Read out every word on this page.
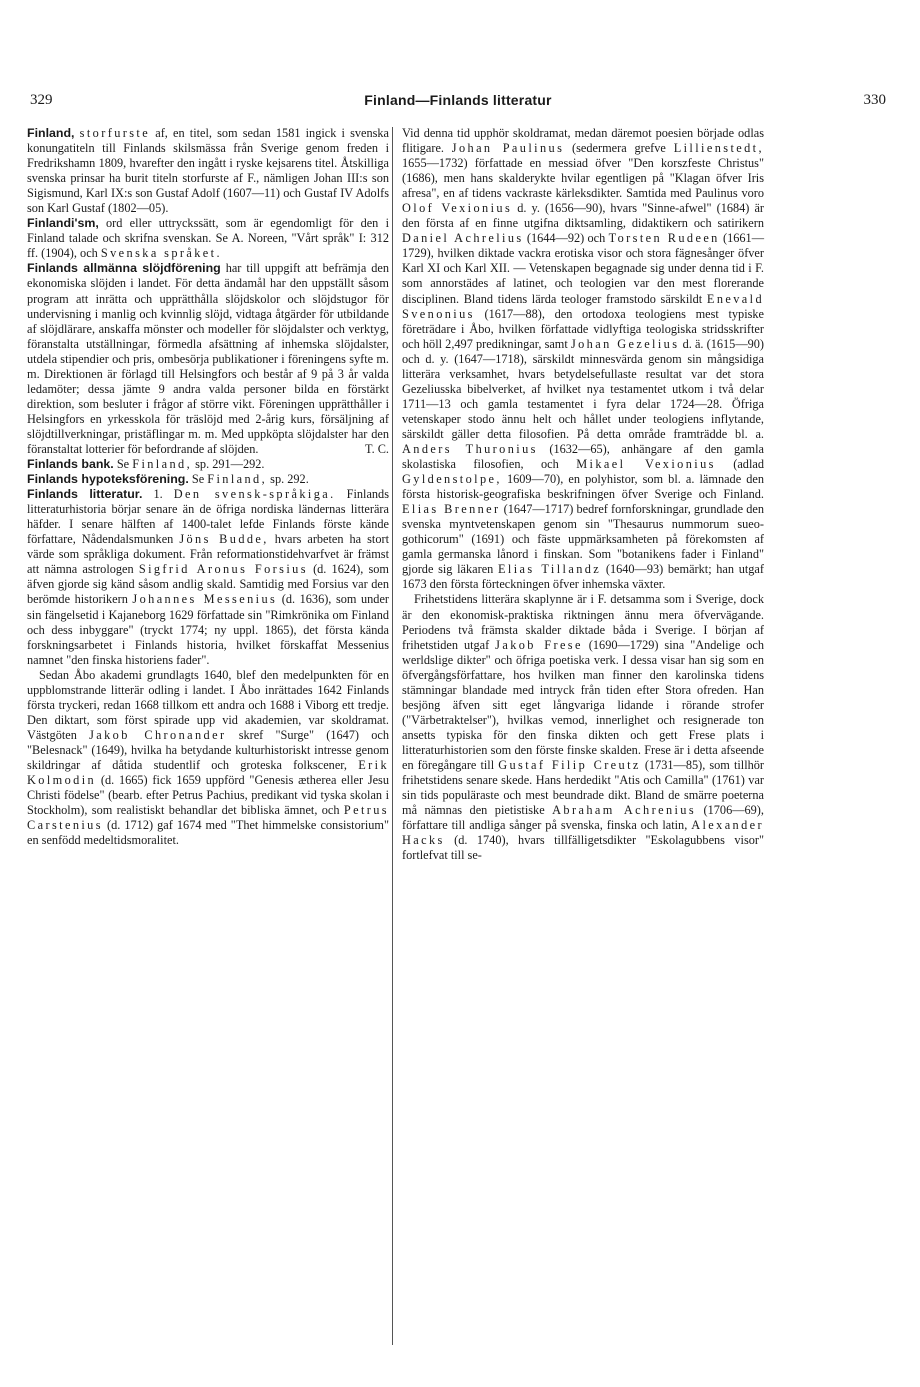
329	Finland—Finlands litteratur	330

Finland, storfurste af, en titel, som sedan 1581 ingick i svenska konungatiteln till Finlands skilsmässa från Sverige genom freden i Fredrikshamn 1809, hvarefter den ingått i ryske kejsarens titel. Åtskilliga svenska prinsar ha burit titeln storfurste af F., nämligen Johan III:s son Sigismund, Karl IX:s son Gustaf Adolf (1607—11) och Gustaf IV Adolfs son Karl Gustaf (1802—05).

Finlandi'sm, ord eller uttryckssätt, som är egendomligt för den i Finland talade och skrifna svenskan. Se A. Noreen, "Vårt språk" I: 312 ff. (1904), och Svenska språket.

Finlands allmänna slöjdförening har till uppgift att befrämja den ekonomiska slöjden i landet. För detta ändamål har den uppställt såsom program att inrätta och upprätthålla slöjdskolor och slöjdstugor för undervisning i manlig och kvinnlig slöjd, vidtaga åtgärder för utbildande af slöjdlärare, anskaffa mönster och modeller för slöjdalster och verktyg, föranstalta utställningar, förmedla afsättning af inhemska slöjdalster, utdela stipendier och pris, ombesörja publikationer i föreningens syfte m. m. Direktionen är förlagd till Helsingfors och består af 9 på 3 år valda ledamöter; dessa jämte 9 andra valda personer bilda en förstärkt direktion, som besluter i frågor af större vikt. Föreningen upprätthåller i Helsingfors en yrkesskola för träslöjd med 2-årig kurs, försäljning af slöjdtillverkningar, pristäflingar m. m. Med uppköpta slöjdalster har den föranstaltat lotterier för befordrande af slöjden.	T. C.

Finlands bank. Se Finland, sp. 291—292.

Finlands hypoteksförening. Se Finland, sp. 292.

Finlands litteratur. 1. Den svensk-språkiga. Finlands litteraturhistoria börjar senare än de öfriga nordiska ländernas litterära häfder. I senare hälften af 1400-talet lefde Finlands förste kände författare, Nådendalsmunken Jöns Budde, hvars arbeten ha stort värde som språkliga dokument. Från reformationstidehvarfvet är främst att nämna astrologen Sigfrid Aronus Forsius (d. 1624), som äfven gjorde sig känd såsom andlig skald. Samtidig med Forsius var den berömde historikern Johannes Messenius (d. 1636), som under sin fängelsetid i Kajaneborg 1629 författade sin "Rimkrönika om Finland och dess inbyggare" (tryckt 1774; ny uppl. 1865), det första kända forskningsarbetet i Finlands historia, hvilket förskaffat Messenius namnet "den finska historiens fader".

Sedan Åbo akademi grundlagts 1640, blef den medelpunkten för en uppblomstrande litterär odling i landet. I Åbo inrättades 1642 Finlands första tryckeri, redan 1668 tillkom ett andra och 1688 i Viborg ett tredje. Den diktart, som först spirade upp vid akademien, var skoldramat. Västgöten Jakob Chronander skref "Surge" (1647) och "Belesnack" (1649), hvilka ha betydande kulturhistoriskt intresse genom skildringar af dåtida studentlif och groteska folkscener, Erik Kolmodin (d. 1665) fick 1659 uppförd "Genesis ætherea eller Jesu Christi födelse" (bearb. efter Petrus Pachius, predikant vid tyska skolan i Stockholm), som realistiskt behandlar det bibliska ämnet, och Petrus Carstenius (d. 1712) gaf 1674 med "Thet himmelske consistorium" en senfödd medeltidsmoralitet.

Vid denna tid upphör skoldramat, medan däremot poesien började odlas flitigare. Johan Paulinus (sedermera grefve Lillienstedt, 1655—1732) författade en messiad öfver "Den korszfeste Christus" (1686), men hans skalderykte hvilar egentligen på "Klagan öfver Iris afresa", en af tidens vackraste kärleksdikter. Samtida med Paulinus voro Olof Vexionius d. y. (1656—90), hvars "Sinne-afwel" (1684) är den första af en finne utgifna diktsamling, didaktikern och satirikern Daniel Achrelius (1644—92) och Torsten Rudeen (1661—1729), hvilken diktade vackra erotiska visor och stora fägnesånger öfver Karl XI och Karl XII. — Vetenskapen begagnade sig under denna tid i F. som annorstädes af latinet, och teologien var den mest florerande disciplinen. Bland tidens lärda teologer framstodo särskildt Enevald Svenonius (1617—88), den ortodoxa teologiens mest typiske företrädare i Åbo, hvilken författade vidlyftiga teologiska stridsskrifter och höll 2,497 predikningar, samt Johan Gezelius d. ä. (1615—90) och d. y. (1647—1718), särskildt minnesvärda genom sin mångsidiga litterära verksamhet, hvars betydelsefullaste resultat var det stora Gezeliusska bibelverket, af hvilket nya testamentet utkom i två delar 1711—13 och gamla testamentet i fyra delar 1724—28. Öfriga vetenskaper stodo ännu helt och hållet under teologiens inflytande, särskildt gäller detta filosofien. På detta område framträdde bl. a. Anders Thuronius (1632—65), anhängare af den gamla skolastiska filosofien, och Mikael Vexionius (adlad Gyldenstolpe, 1609—70), en polyhistor, som bl. a. lämnade den första historisk-geografiska beskrifningen öfver Sverige och Finland. Elias Brenner (1647—1717) bedref fornforskningar, grundlade den svenska myntvetenskapen genom sin "Thesaurus nummorum sueo-gothicorum" (1691) och fäste uppmärksamheten på förekomsten af gamla germanska lånord i finskan. Som "botanikens fader i Finland" gjorde sig läkaren Elias Tillandz (1640—93) bemärkt; han utgaf 1673 den första förteckningen öfver inhemska växter.

Frihetstidens litterära skaplynne är i F. detsamma som i Sverige, dock är den ekonomisk-praktiska riktningen ännu mera öfvervägande. Periodens två främsta skalder diktade båda i Sverige. I början af frihetstiden utgaf Jakob Frese (1690—1729) sina "Andelige och werldslige dikter" och öfriga poetiska verk. I dessa visar han sig som en öfvergångsförfattare, hos hvilken man finner den karolinska tidens stämningar blandade med intryck från tiden efter Stora ofreden. Han besjöng äfven sitt eget långvariga lidande i rörande strofer ("Värbetraktelser"), hvilkas vemod, innerlighet och resignerade ton ansetts typiska för den finska dikten och gett Frese plats i litteraturhistorien som den förste finske skalden. Frese är i detta afseende en föregångare till Gustaf Filip Creutz (1731—85), som tillhör frihetstidens senare skede. Hans herdedikt "Atis och Camilla" (1761) var sin tids populäraste och mest beundrade dikt. Bland de smärre poeterna må nämnas den pietistiske Abraham Achrenius (1706—69), författare till andliga sånger på svenska, finska och latin, Alexander Hacks (d. 1740), hvars tillfälligetsdikter "Eskolagubbens visor" fortlefvat till se-
